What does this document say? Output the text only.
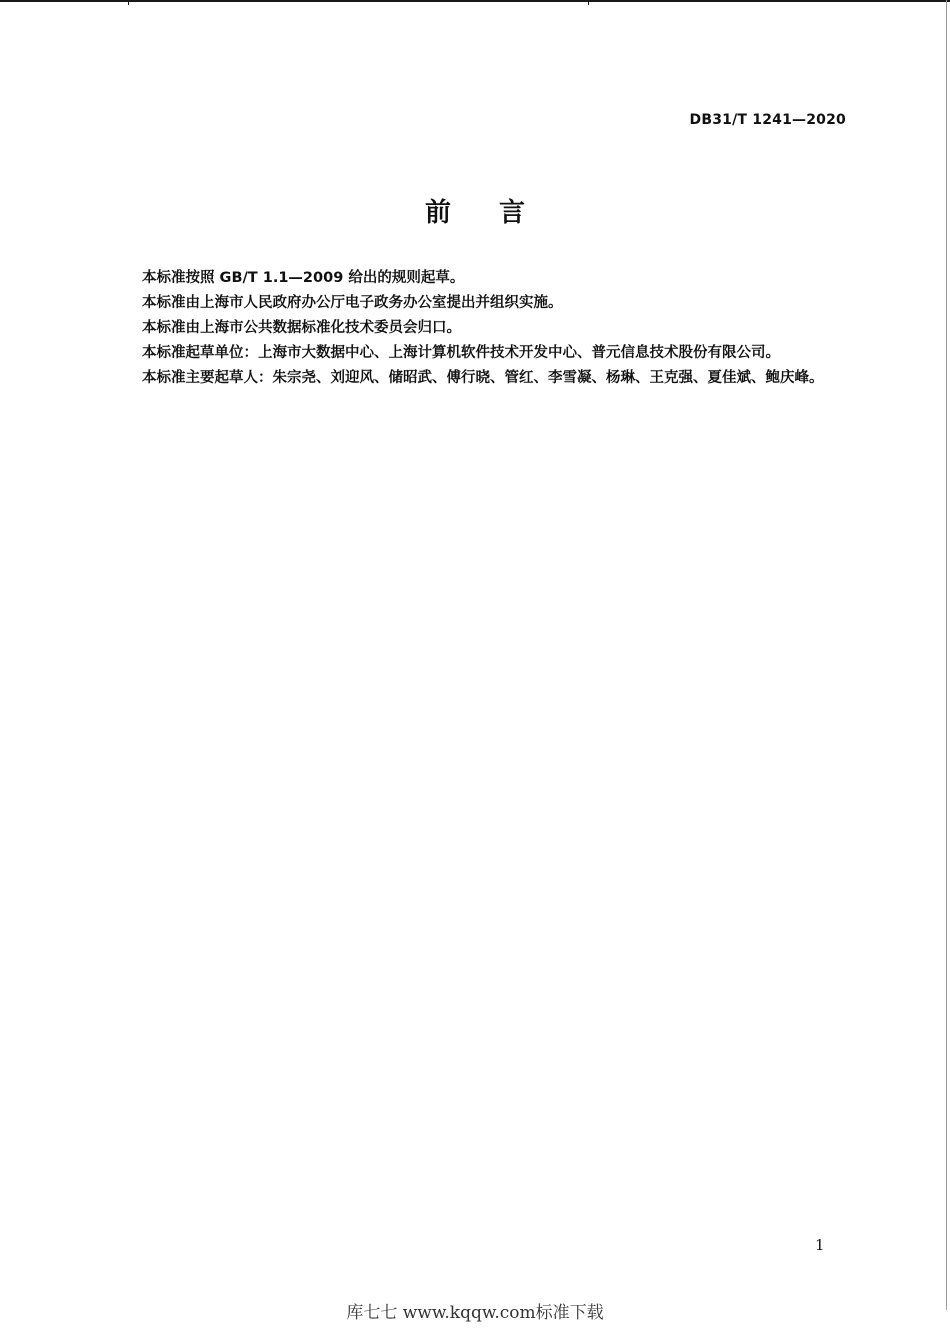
DB31/T 1241—2020
前言

本标准按照 GB/T 1.1—2009 给出的规则起草。

本标准由上海市人民政府办公厅电子政务办公室提出并组织实施。

本标准由上海市公共数据标准化技术委员会归口。

本标准起草单位：上海市大数据中心、上海计算机软件技术开发中心、普元信息技术股份有限公司。

本标准主要起草人：朱宗尧、刘迎风、储昭武、傅行晓、管红、李雪凝、杨琳、王克强、夏佳斌、鲍庆峰。

1
库七七 www.kqqw.com标准下载
